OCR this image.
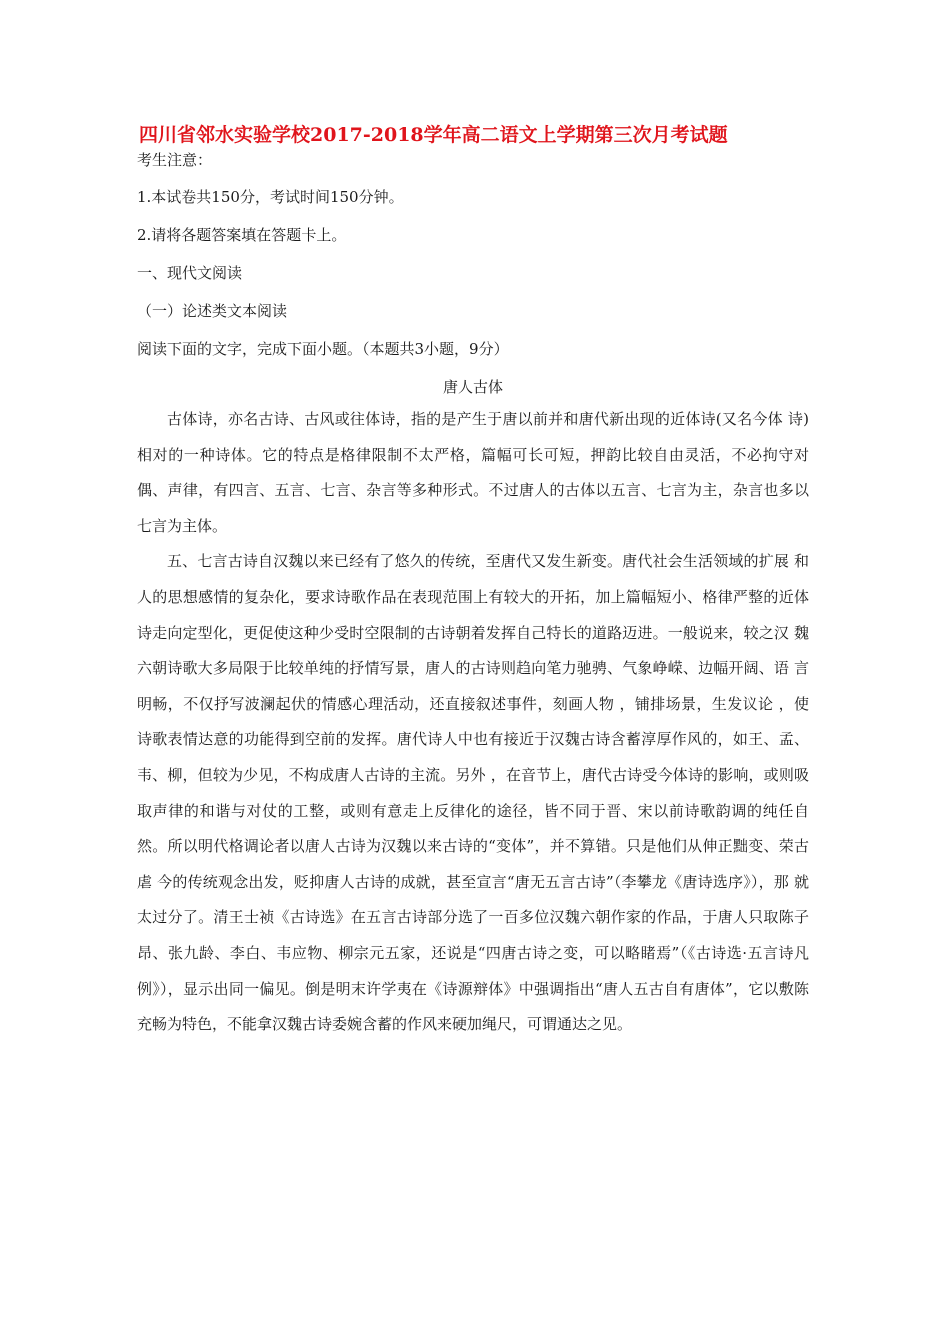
四川省邻水实验学校2017-2018学年高二语文上学期第三次月考试题

考生注意：

1.本试卷共150分，考试时间150分钟。

2.请将各题答案填在答题卡上。

一、现代文阅读

（一）论述类文本阅读

阅读下面的文字，完成下面小题。（本题共3小题，9分）

唐人古体

古体诗，亦名古诗、古风或往体诗，指的是产生于唐以前并和唐代新出现的近体诗(又名今体 诗)相对的一种诗体。它的特点是格律限制不太严格，篇幅可长可短，押韵比较自由灵活，不必拘守对偶、声律，有四言、五言、七言、杂言等多种形式。不过唐人的古体以五言、七言为主，杂言也多以七言为主体。

五、七言古诗自汉魏以来已经有了悠久的传统，至唐代又发生新变。唐代社会生活领域的扩展 和人的思想感情的复杂化，要求诗歌作品在表现范围上有较大的开拓，加上篇幅短小、格律严整的近体诗走向定型化，更促使这种少受时空限制的古诗朝着发挥自己特长的道路迈进。一般说来，较之汉 魏六朝诗歌大多局限于比较单纯的抒情写景，唐人的古诗则趋向笔力驰骋、气象峥嵘、边幅开阔、语 言明畅，不仅抒写波澜起伏的情感心理活动，还直接叙述事件，刻画人物 ，铺排场景，生发议论 ，使 诗歌表情达意的功能得到空前的发挥。唐代诗人中也有接近于汉魏古诗含蓄淳厚作风的，如王、孟、韦、柳，但较为少见，不构成唐人古诗的主流。另外 ，在音节上，唐代古诗受今体诗的影响，或则吸 取声律的和谐与对仗的工整，或则有意走上反律化的途径，皆不同于晋、宋以前诗歌韵调的纯任自然。所以明代格调论者以唐人古诗为汉魏以来古诗的“变体”，并不算错。只是他们从伸正黜变、荣古虐 今的传统观念出发，贬抑唐人古诗的成就，甚至宣言“唐无五言古诗”（李攀龙《唐诗选序》），那 就太过分了。清王士祯《古诗选》在五言古诗部分选了一百多位汉魏六朝作家的作品，于唐人只取陈子昂、张九龄、李白、韦应物、柳宗元五家，还说是“四唐古诗之变，可以略睹焉”（《古诗选·五言诗凡例》），显示出同一偏见。倒是明末许学夷在《诗源辩体》中强调指出“唐人五古自有唐体”，它以敷陈充畅为特色，不能拿汉魏古诗委婉含蓄的作风来硬加绳尺，可谓通达之见。
